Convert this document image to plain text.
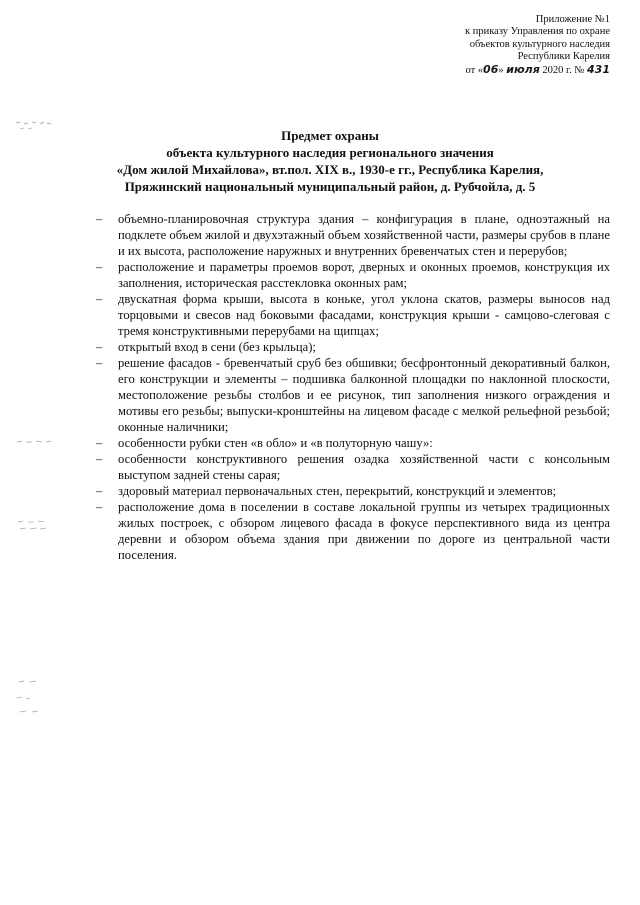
Приложение №1
к приказу Управления по охране
объектов культурного наследия
Республики Карелия
от «06» июля 2020 г. № 431
Предмет охраны
объекта культурного наследия регионального значения
«Дом жилой Михайлова», вт.пол. XIX в., 1930-е гг., Республика Карелия,
Пряжинский национальный муниципальный район, д. Рубчойла, д. 5
– объемно-планировочная структура здания – конфигурация в плане, одноэтажный на подклете объем жилой и двухэтажный объем хозяйственной части, размеры срубов в плане и их высота, расположение наружных и внутренних бревенчатых стен и перерубов;
– расположение и параметры проемов ворот, дверных и оконных проемов, конструкция их заполнения, историческая расстекловка оконных рам;
– двускатная форма крыши, высота в коньке, угол уклона скатов, размеры выносов над торцовыми и свесов над боковыми фасадами, конструкция крыши - самцово-слеговая с тремя конструктивными перерубами на щипцах;
– открытый вход в сени (без крыльца);
– решение фасадов - бревенчатый сруб без обшивки; бесфронтонный декоративный балкон, его конструкции и элементы – подшивка балконной площадки по наклонной плоскости, местоположение резьбы столбов и ее рисунок, тип заполнения низкого ограждения и мотивы его резьбы; выпуски-кронштейны на лицевом фасаде с мелкой рельефной резьбой; оконные наличники;
– особенности рубки стен «в обло» и «в полуторную чашу»:
– особенности конструктивного решения озадка хозяйственной части с консольным выступом задней стены сарая;
– здоровый материал первоначальных стен, перекрытий, конструкций и элементов;
– расположение дома в поселении в составе локальной группы из четырех традиционных жилых построек, с обзором лицевого фасада в фокусе перспективного вида из центра деревни и обзором объема здания при движении по дороге из центральной части поселения.
